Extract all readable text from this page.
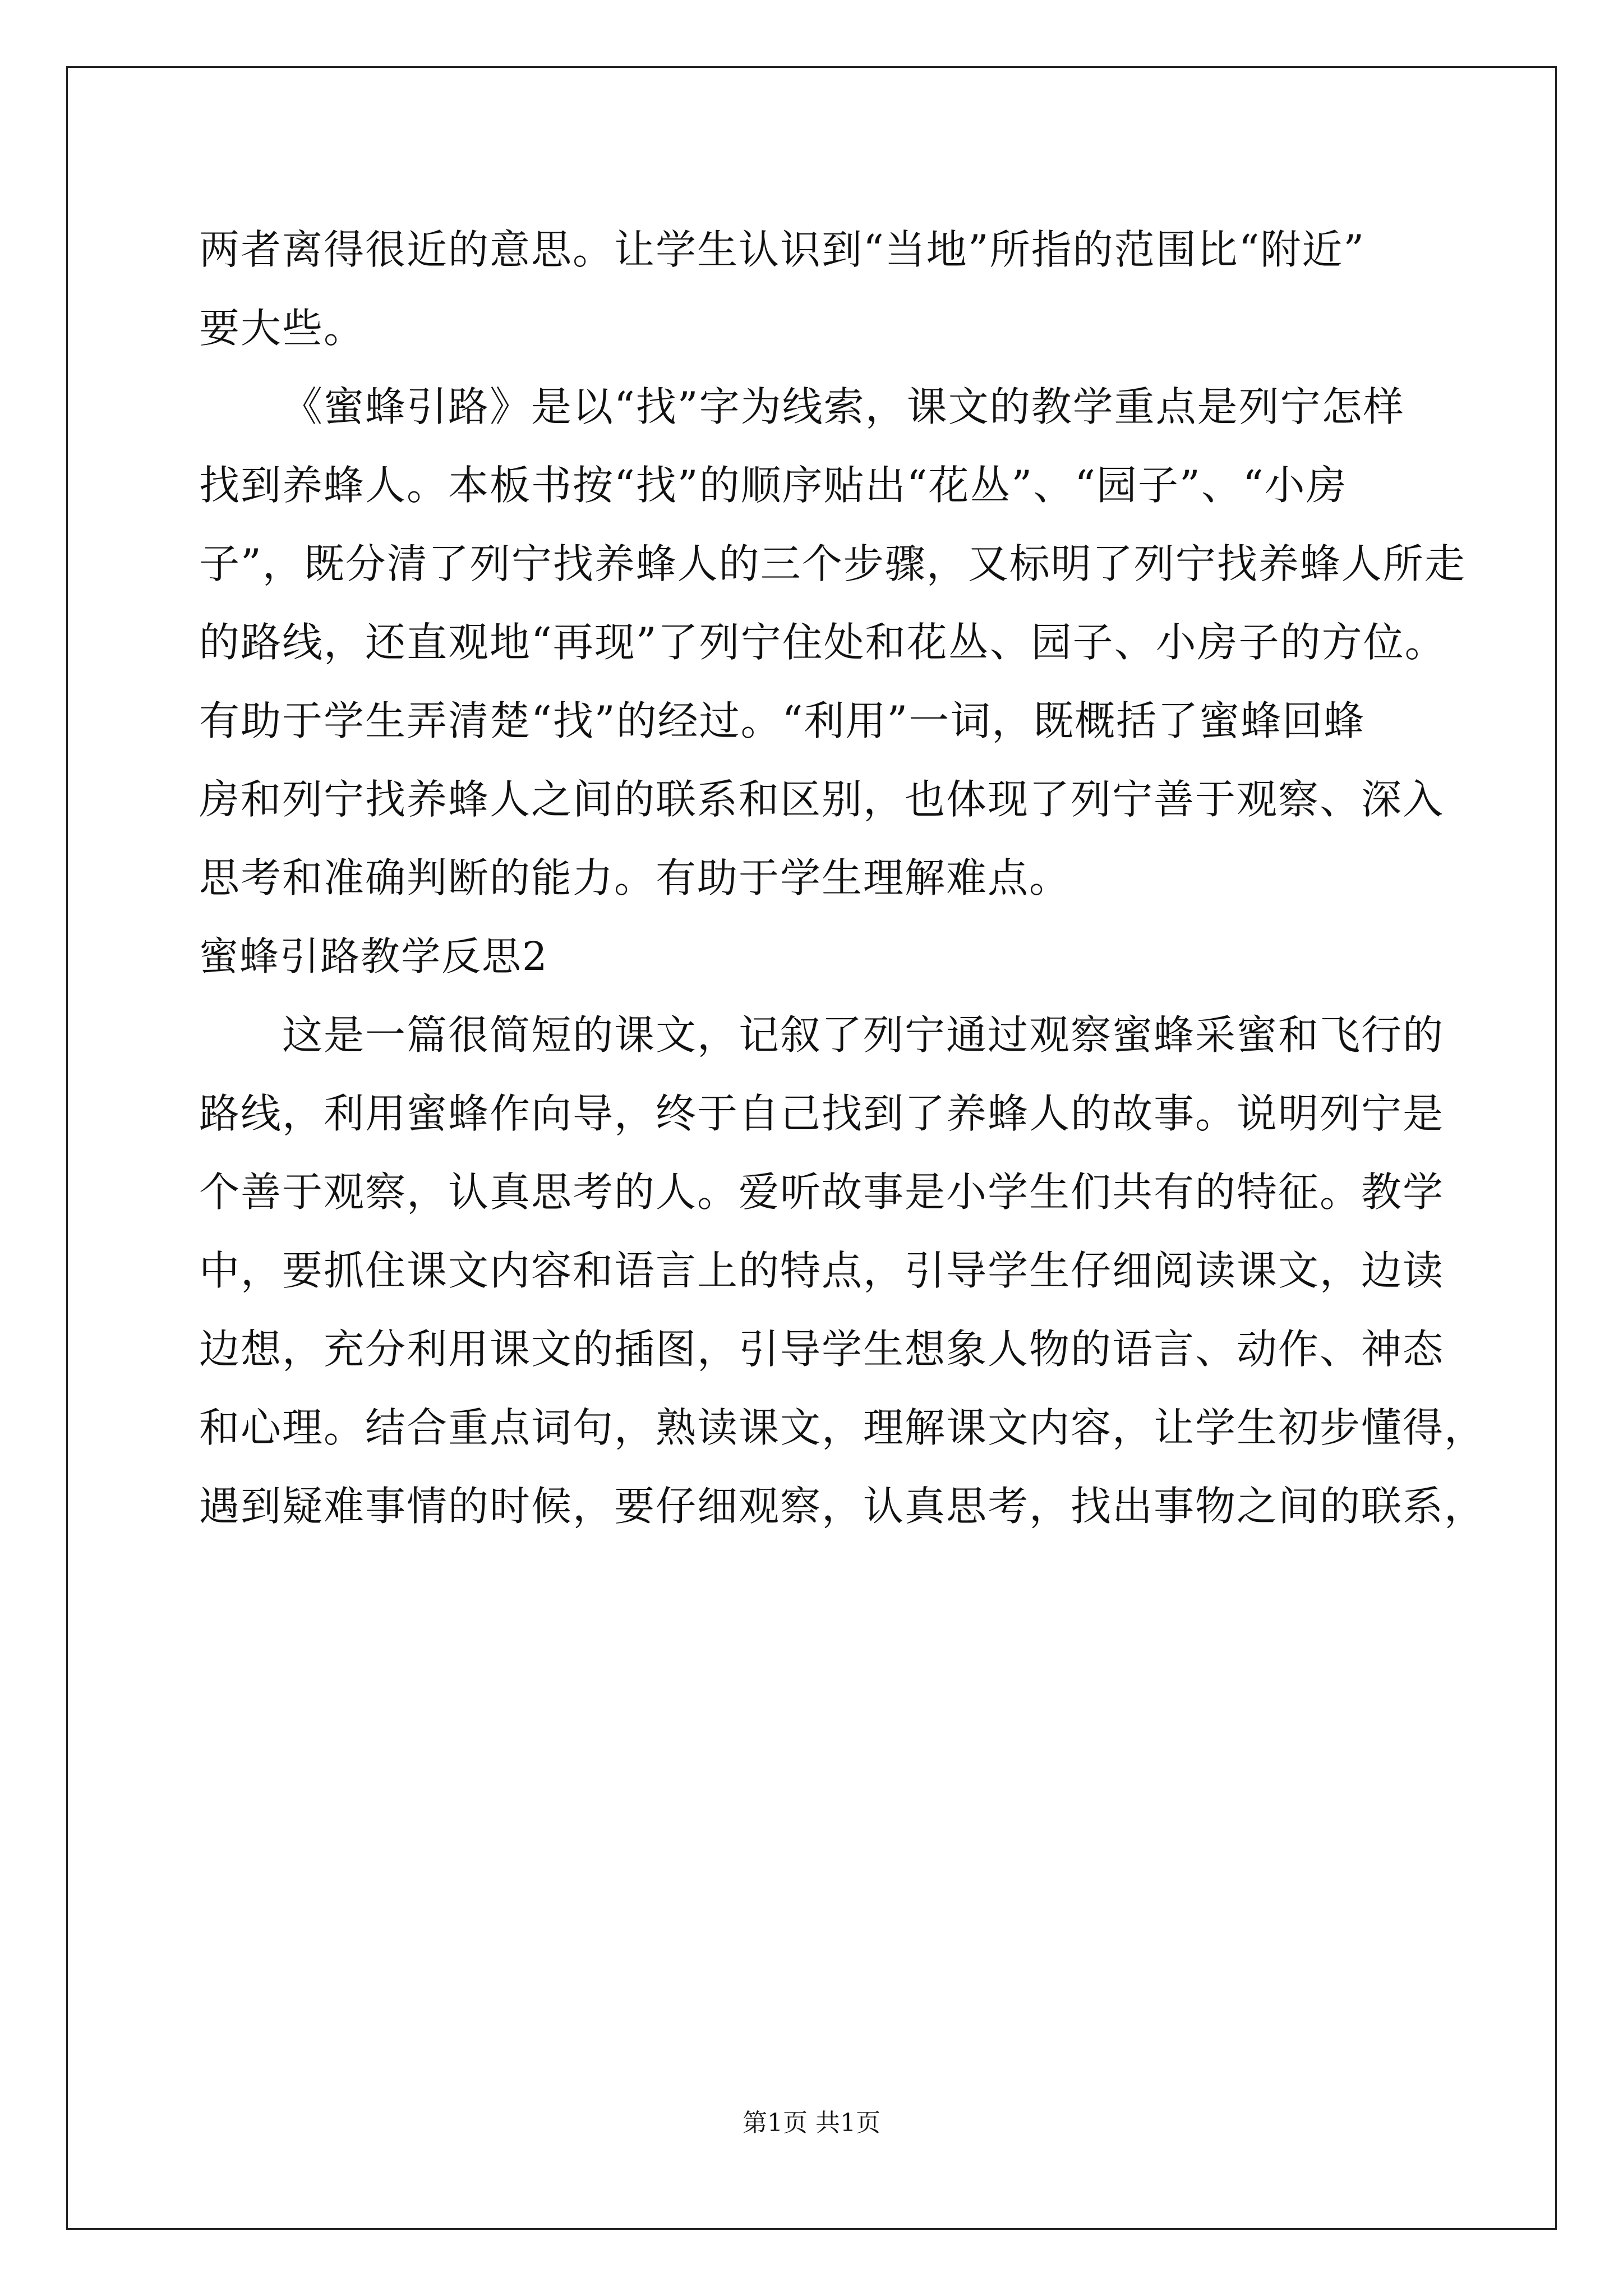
两者离得很近的意思。让学生认识到“当地”所指的范围比“附近”
要大些。
《蜜蜂引路》是以“找”字为线索，课文的教学重点是列宁怎样
找到养蜂人。本板书按“找”的顺序贴出“花丛”、“园子”、“小房
子”，既分清了列宁找养蜂人的三个步骤，又标明了列宁找养蜂人所走
的路线，还直观地“再现”了列宁住处和花丛、园子、小房子的方位。
有助于学生弄清楚“找”的经过。“利用”一词，既概括了蜜蜂回蜂
房和列宁找养蜂人之间的联系和区别，也体现了列宁善于观察、深入
思考和准确判断的能力。有助于学生理解难点。
蜜蜂引路教学反思2
这是一篇很简短的课文，记叙了列宁通过观察蜜蜂采蜜和飞行的
路线，利用蜜蜂作向导，终于自己找到了养蜂人的故事。说明列宁是
个善于观察，认真思考的人。爱听故事是小学生们共有的特征。教学
中，要抓住课文内容和语言上的特点，引导学生仔细阅读课文，边读
边想，充分利用课文的插图，引导学生想象人物的语言、动作、神态
和心理。结合重点词句，熟读课文，理解课文内容，让学生初步懂得，
遇到疑难事情的时候，要仔细观察，认真思考，找出事物之间的联系，
第1页 共1页
